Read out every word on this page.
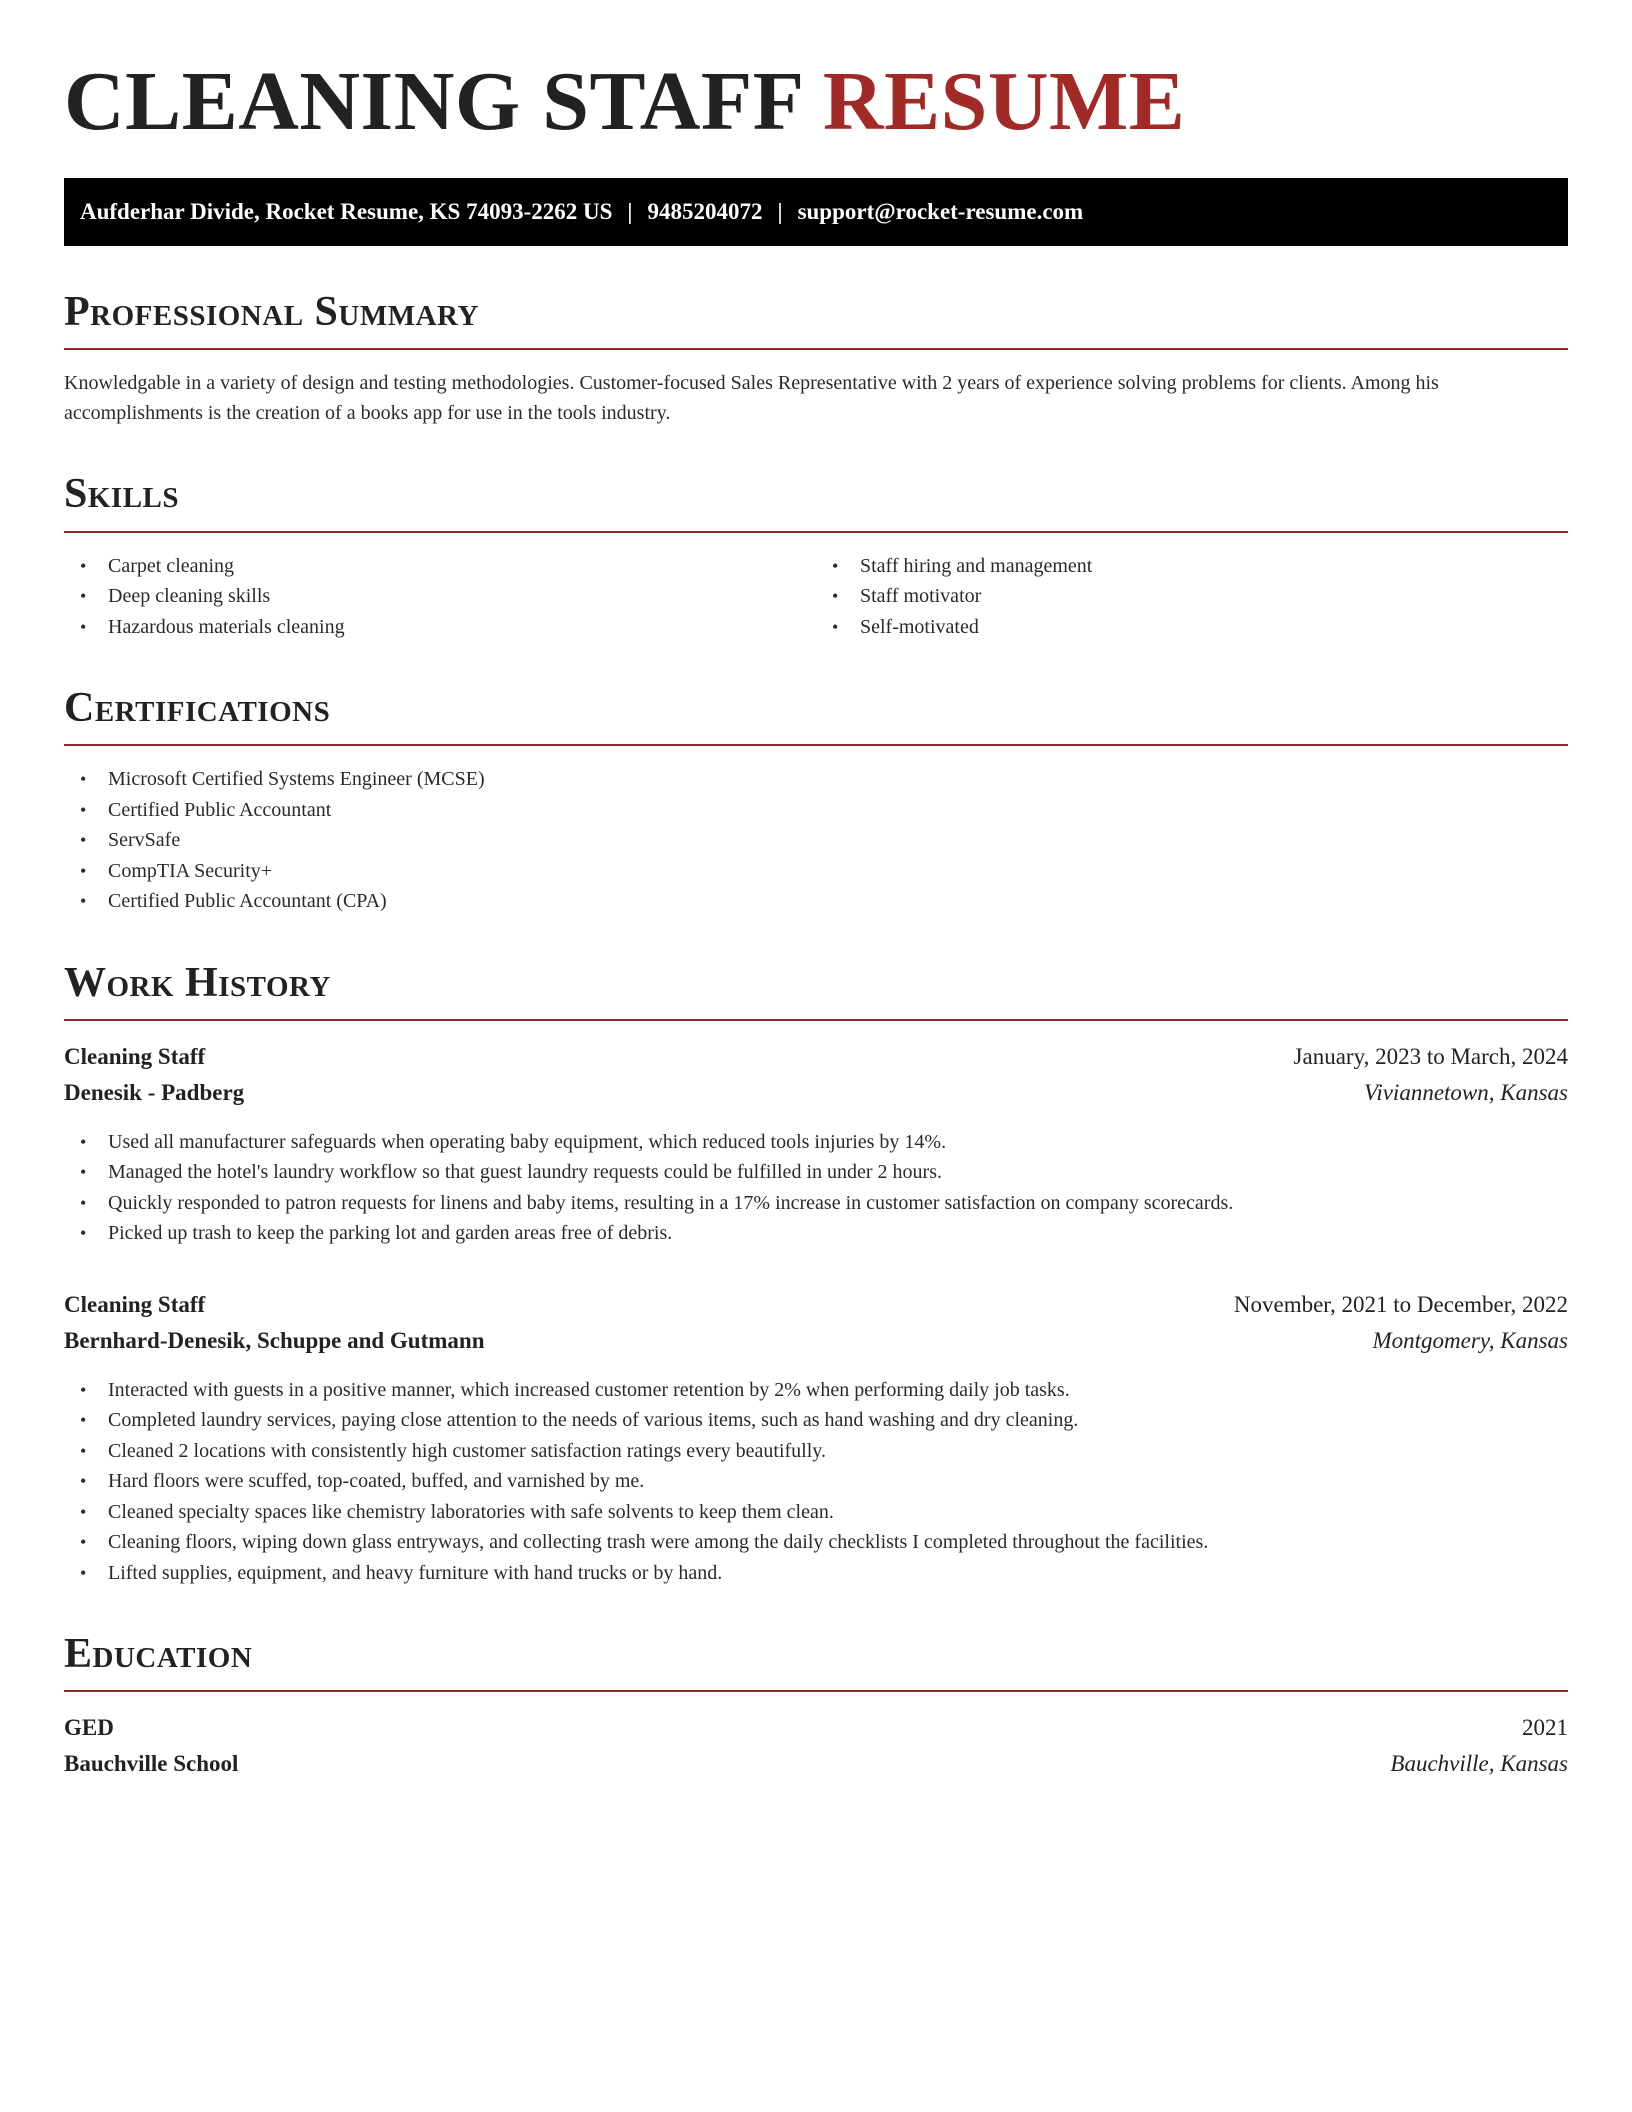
CLEANING STAFF RESUME
Aufderhar Divide, Rocket Resume, KS 74093-2262 US | 9485204072 | support@rocket-resume.com
Professional Summary

Knowledgable in a variety of design and testing methodologies. Customer-focused Sales Representative with 2 years of experience solving problems for clients. Among his accomplishments is the creation of a books app for use in the tools industry.

Skills
• Carpet cleaning
• Deep cleaning skills
• Hazardous materials cleaning
• Staff hiring and management
• Staff motivator
• Self-motivated
Certifications
• Microsoft Certified Systems Engineer (MCSE)
• Certified Public Accountant
• ServSafe
• CompTIA Security+
• Certified Public Accountant (CPA)
Work History
Cleaning Staff	January, 2023 to March, 2024
Denesik - Padberg	Viviannetown, Kansas
• Used all manufacturer safeguards when operating baby equipment, which reduced tools injuries by 14%.
• Managed the hotel's laundry workflow so that guest laundry requests could be fulfilled in under 2 hours.
• Quickly responded to patron requests for linens and baby items, resulting in a 17% increase in customer satisfaction on company scorecards.
• Picked up trash to keep the parking lot and garden areas free of debris.
Cleaning Staff	November, 2021 to December, 2022
Bernhard-Denesik, Schuppe and Gutmann	Montgomery, Kansas
• Interacted with guests in a positive manner, which increased customer retention by 2% when performing daily job tasks.
• Completed laundry services, paying close attention to the needs of various items, such as hand washing and dry cleaning.
• Cleaned 2 locations with consistently high customer satisfaction ratings every beautifully.
• Hard floors were scuffed, top-coated, buffed, and varnished by me.
• Cleaned specialty spaces like chemistry laboratories with safe solvents to keep them clean.
• Cleaning floors, wiping down glass entryways, and collecting trash were among the daily checklists I completed throughout the facilities.
• Lifted supplies, equipment, and heavy furniture with hand trucks or by hand.
Education
GED	2021
Bauchville School	Bauchville, Kansas
